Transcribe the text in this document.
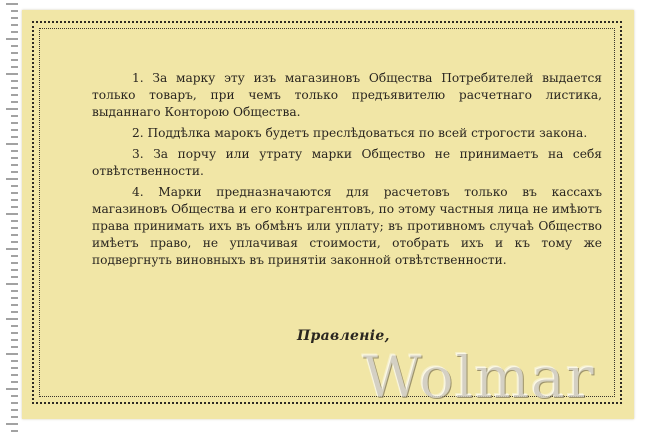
1. За марку эту изъ магазиновъ Общества Потребителей выдается только товаръ, при чемъ только предъявителю расчетнаго листика, выданнаго Конторою Общества.

2. Поддѣлка марокъ будетъ преслѣдоваться по всей строгости закона.

3. За порчу или утрату марки Общество не принимаетъ на себя отвѣтственности.

4. Марки предназначаются для расчетовъ только въ кассахъ магазиновъ Общества и его контрагентовъ, по этому частныя лица не имѣютъ права принимать ихъ въ обмѣнъ или уплату; въ противномъ случаѣ Общество имѣетъ право, не уплачивая стоимости, отобрать ихъ и къ тому же подвергнуть виновныхъ въ принятіи законной отвѣтственности.

Правленіе,
Wolmar
